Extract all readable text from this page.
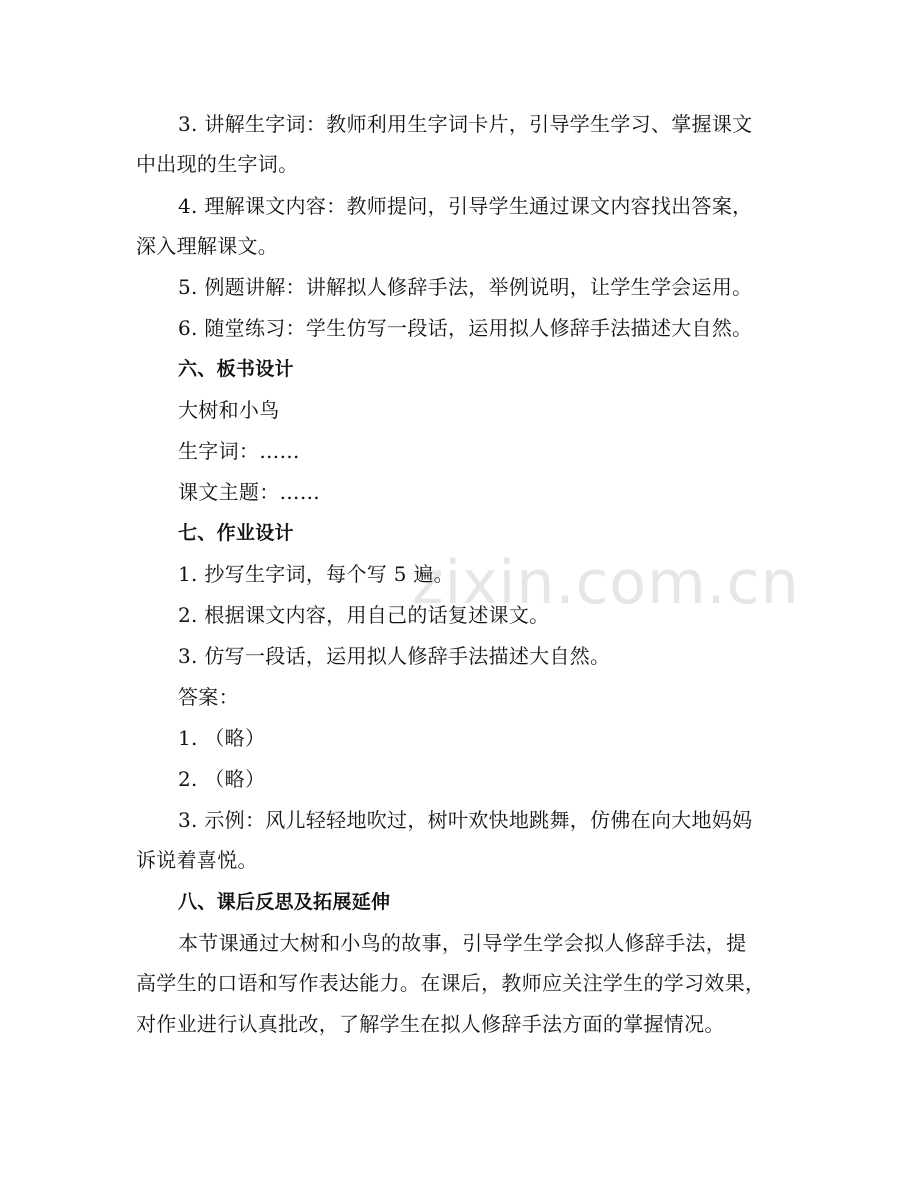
zixin.com.cn
3. 讲解生字词：教师利用生字词卡片，引导学生学习、掌握课文
中出现的生字词。
4. 理解课文内容：教师提问，引导学生通过课文内容找出答案，
深入理解课文。
5. 例题讲解：讲解拟人修辞手法，举例说明，让学生学会运用。
6. 随堂练习：学生仿写一段话，运用拟人修辞手法描述大自然。
六、板书设计
大树和小鸟
生字词：……
课文主题：……
七、作业设计
1. 抄写生字词，每个写 5 遍。
2. 根据课文内容，用自己的话复述课文。
3. 仿写一段话，运用拟人修辞手法描述大自然。
答案：
1. （略）
2. （略）
3. 示例：风儿轻轻地吹过，树叶欢快地跳舞，仿佛在向大地妈妈
诉说着喜悦。
八、课后反思及拓展延伸
本节课通过大树和小鸟的故事，引导学生学会拟人修辞手法，提
高学生的口语和写作表达能力。在课后，教师应关注学生的学习效果，
对作业进行认真批改，了解学生在拟人修辞手法方面的掌握情况。
